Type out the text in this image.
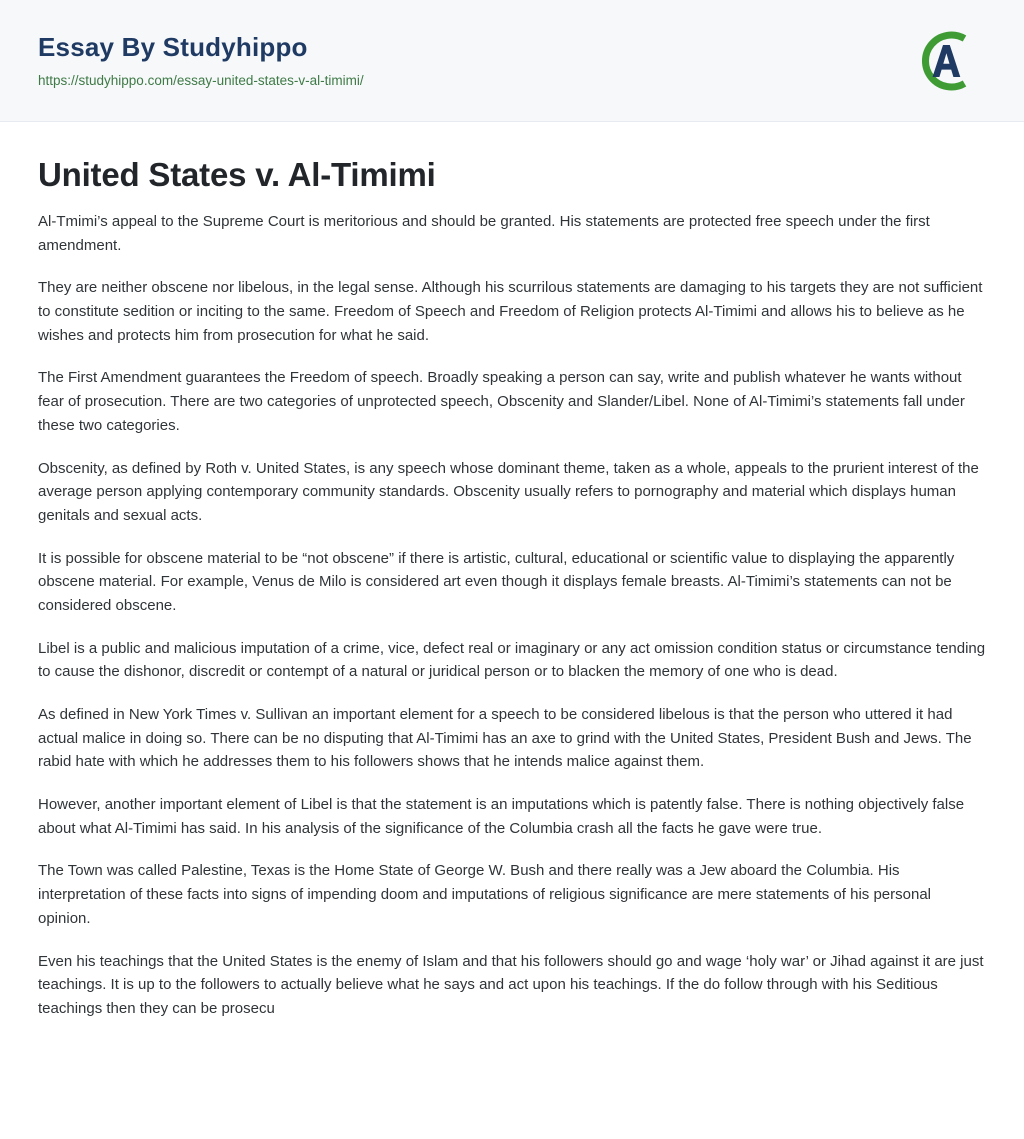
Essay By Studyhippo
https://studyhippo.com/essay-united-states-v-al-timimi/
United States v. Al-Timimi

Al-Tmimi’s appeal to the Supreme Court is meritorious and should be granted. His statements are protected free speech under the first amendment.

They are neither obscene nor libelous, in the legal sense. Although his scurrilous statements are damaging to his targets they are not sufficient to constitute sedition or inciting to the same. Freedom of Speech and Freedom of Religion protects Al-Timimi and allows his to believe as he wishes and protects him from prosecution for what he said.

The First Amendment guarantees the Freedom of speech. Broadly speaking a person can say, write and publish whatever he wants without fear of prosecution. There are two categories of unprotected speech, Obscenity and Slander/Libel. None of Al-Timimi’s statements fall under these two categories.

Obscenity, as defined by Roth v. United States, is any speech whose dominant theme, taken as a whole, appeals to the prurient interest of the average person applying contemporary community standards. Obscenity usually refers to pornography and material which displays human genitals and sexual acts.

It is possible for obscene material to be “not obscene” if there is artistic, cultural, educational or scientific value to displaying the apparently obscene material. For example, Venus de Milo is considered art even though it displays female breasts. Al-Timimi’s statements can not be considered obscene.

Libel is a public and malicious imputation of a crime, vice, defect real or imaginary or any act omission condition status or circumstance tending to cause the dishonor, discredit or contempt of a natural or juridical person or to blacken the memory of one who is dead.

As defined in New York Times v. Sullivan an important element for a speech to be considered libelous is that the person who uttered it had actual malice in doing so. There can be no disputing that Al-Timimi has an axe to grind with the United States, President Bush and Jews. The rabid hate with which he addresses them to his followers shows that he intends malice against them.

However, another important element of Libel is that the statement is an imputations which is patently false. There is nothing objectively false about what Al-Timimi has said. In his analysis of the significance of the Columbia crash all the facts he gave were true.

The Town was called Palestine, Texas is the Home State of George W. Bush and there really was a Jew aboard the Columbia. His interpretation of these facts into signs of impending doom and imputations of religious significance are mere statements of his personal opinion.

Even his teachings that the United States is the enemy of Islam and that his followers should go and wage ‘holy war’ or Jihad against it are just teachings. It is up to the followers to actually believe what he says and act upon his teachings. If the do follow through with his Seditious teachings then they can be prosecu
